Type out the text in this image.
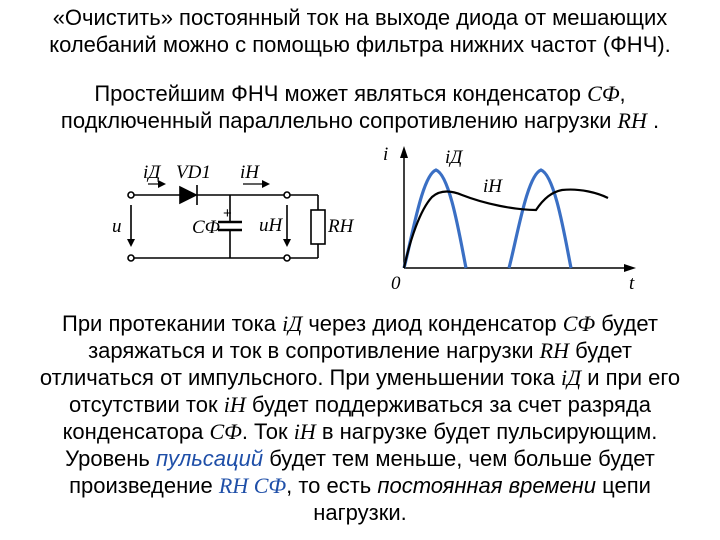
«Очистить» постоянный ток на выходе диода от мешающих
колебаний можно с помощью фильтра нижних частот (ФНЧ).
Простейшим ФНЧ может являться конденсатор CФ,
подключенный параллельно сопротивлению нагрузки RН .
iД VD1 iН
u	CФ
+
uН RН
i
t
0
iД
iН
При протекании тока iД через диод конденсатор CФ будет
заряжаться и ток в сопротивление нагрузки RН будет
отличаться от импульсного. При уменьшении тока iД и при его
отсутствии ток iН будет поддерживаться за счет разряда
конденсатора CФ. Ток iН в нагрузке будет пульсирующим.
Уровень пульсаций будет тем меньше, чем больше будет
произведение RН CФ, то есть постоянная времени цепи
нагрузки.
